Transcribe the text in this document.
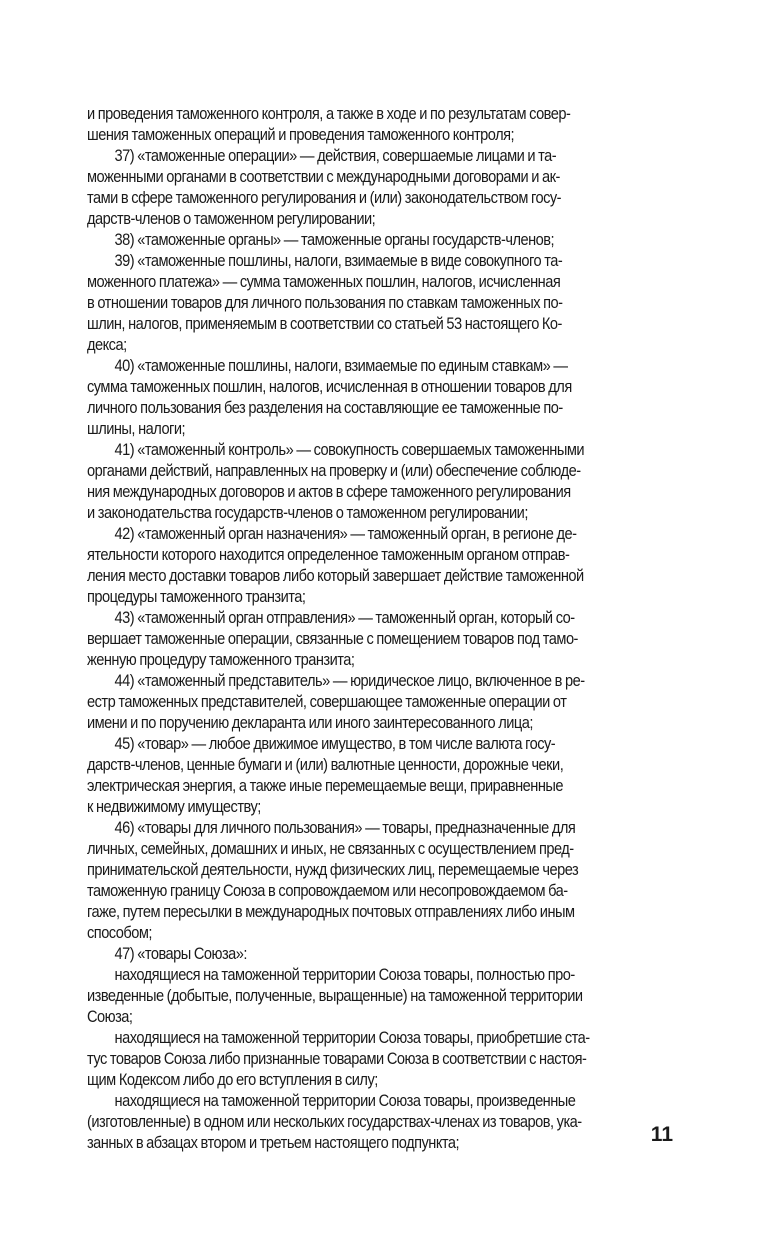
и проведения таможенного контроля, а также в ходе и по результатам совер-
шения таможенных операций и проведения таможенного контроля;
37) «таможенные операции» — действия, совершаемые лицами и та-
моженными органами в соответствии с международными договорами и ак-
тами в сфере таможенного регулирования и (или) законодательством госу-
дарств-членов о таможенном регулировании;
38) «таможенные органы» — таможенные органы государств-членов;
39) «таможенные пошлины, налоги, взимаемые в виде совокупного та-
моженного платежа» — сумма таможенных пошлин, налогов, исчисленная
в отношении товаров для личного пользования по ставкам таможенных по-
шлин, налогов, применяемым в соответствии со статьей 53 настоящего Ко-
декса;
40) «таможенные пошлины, налоги, взимаемые по единым ставкам» —
сумма таможенных пошлин, налогов, исчисленная в отношении товаров для
личного пользования без разделения на составляющие ее таможенные по-
шлины, налоги;
41) «таможенный контроль» — совокупность совершаемых таможенными
органами действий, направленных на проверку и (или) обеспечение соблюде-
ния международных договоров и актов в сфере таможенного регулирования
и законодательства государств-членов о таможенном регулировании;
42) «таможенный орган назначения» — таможенный орган, в регионе де-
ятельности которого находится определенное таможенным органом отправ-
ления место доставки товаров либо который завершает действие таможенной
процедуры таможенного транзита;
43) «таможенный орган отправления» — таможенный орган, который со-
вершает таможенные операции, связанные с помещением товаров под тамо-
женную процедуру таможенного транзита;
44) «таможенный представитель» — юридическое лицо, включенное в ре-
естр таможенных представителей, совершающее таможенные операции от
имени и по поручению декларанта или иного заинтересованного лица;
45) «товар» — любое движимое имущество, в том числе валюта госу-
дарств-членов, ценные бумаги и (или) валютные ценности, дорожные чеки,
электрическая энергия, а также иные перемещаемые вещи, приравненные
к недвижимому имуществу;
46) «товары для личного пользования» — товары, предназначенные для
личных, семейных, домашних и иных, не связанных с осуществлением пред-
принимательской деятельности, нужд физических лиц, перемещаемые через
таможенную границу Союза в сопровождаемом или несопровождаемом ба-
гаже, путем пересылки в международных почтовых отправлениях либо иным
способом;
47) «товары Союза»:
находящиеся на таможенной территории Союза товары, полностью про-
изведенные (добытые, полученные, выращенные) на таможенной территории
Союза;
находящиеся на таможенной территории Союза товары, приобретшие ста-
тус товаров Союза либо признанные товарами Союза в соответствии с настоя-
щим Кодексом либо до его вступления в силу;
находящиеся на таможенной территории Союза товары, произведенные
(изготовленные) в одном или нескольких государствах-членах из товаров, ука-
занных в абзацах втором и третьем настоящего подпункта;	11
